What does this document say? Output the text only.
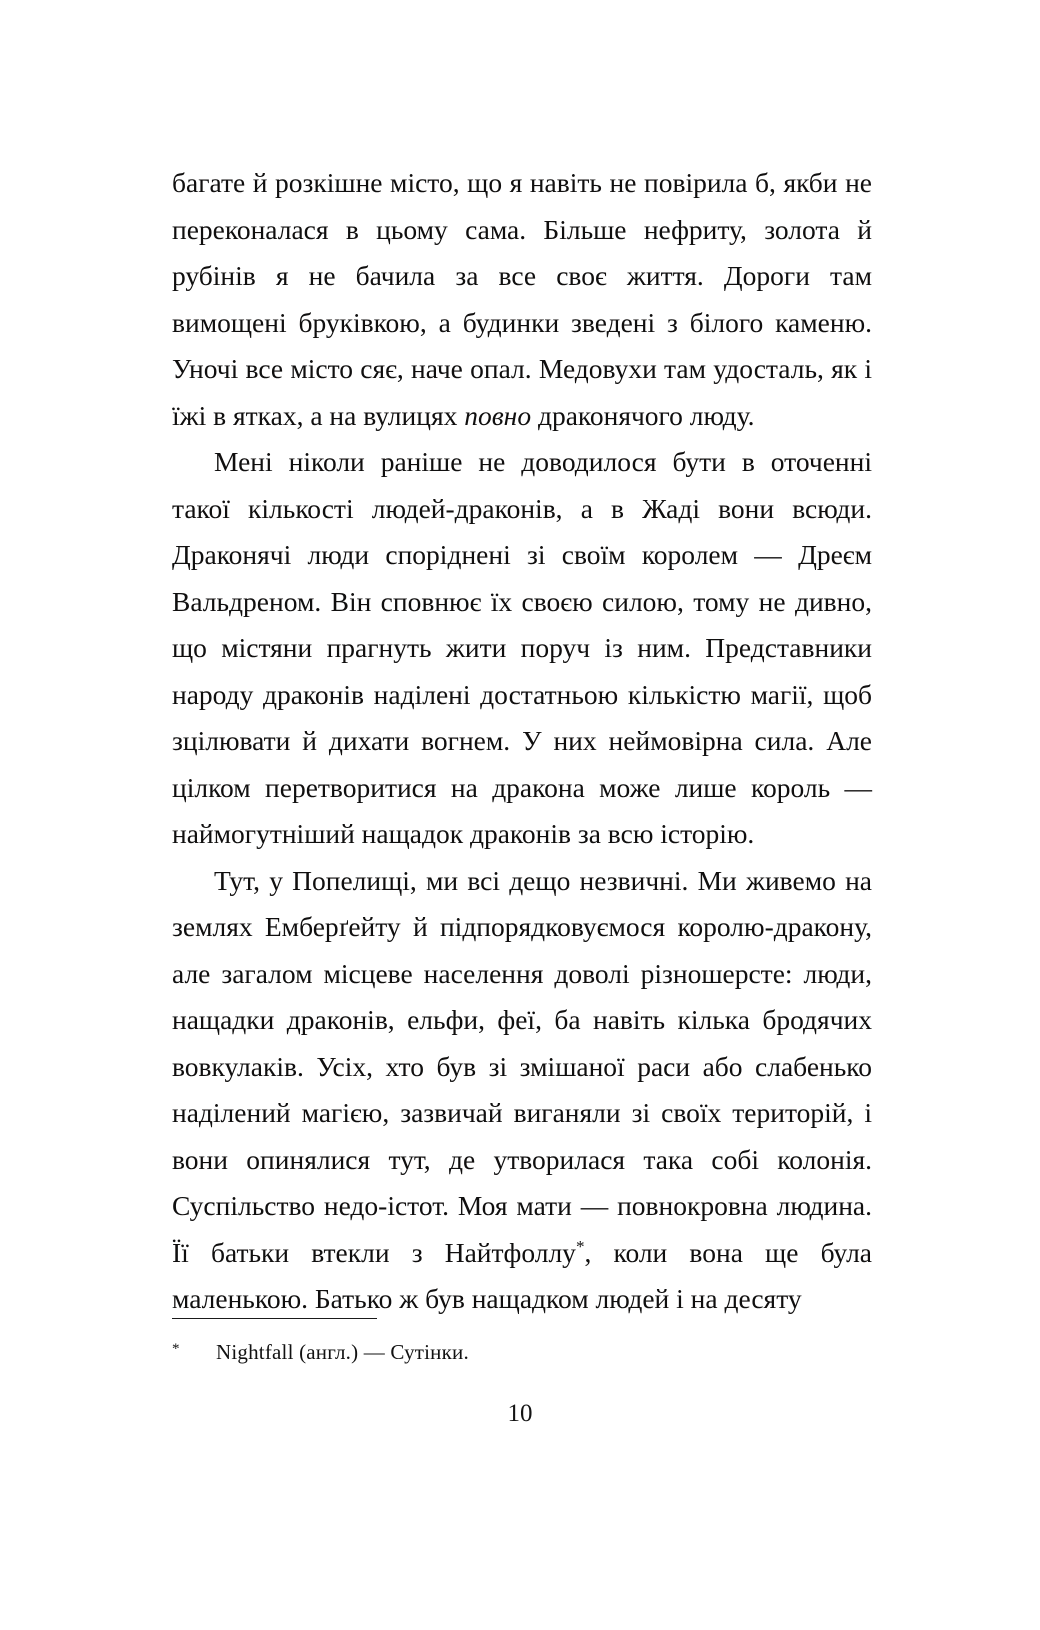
багате й розкішне місто, що я навіть не повірила б, якби не переконалася в цьому сама. Більше нефриту, золота й рубінів я не бачила за все своє життя. Дороги там вимощені бруківкою, а будинки зведені з білого каменю. Уночі все місто сяє, наче опал. Медовухи там удосталь, як і їжі в ятках, а на вулицях повно драконячого люду.

Мені ніколи раніше не доводилося бути в оточенні такої кількості людей-драконів, а в Жаді вони всюди. Драконячі люди споріднені зі своїм королем — Дреєм Вальдреном. Він сповнює їх своєю силою, тому не дивно, що містяни прагнуть жити поруч із ним. Представники народу драконів наділені достатньою кількістю магії, щоб зцілювати й дихати вогнем. У них неймовірна сила. Але цілком перетворитися на дракона може лише король — наймогутніший нащадок драконів за всю історію.

Тут, у Попелищі, ми всі дещо незвичні. Ми живемо на землях Емберґейту й підпорядковуємося королю-дракону, але загалом місцеве населення доволі різношерсте: люди, нащадки драконів, ельфи, феї, ба навіть кілька бродячих вовкулаків. Усіх, хто був зі змішаної раси або слабенько наділений магією, зазвичай виганяли зі своїх територій, і вони опинялися тут, де утворилася така собі колонія. Суспільство недо-істот. Моя мати — повнокровна людина. Її батьки втекли з Найтфоллу*, коли вона ще була маленькою. Батько ж був нащадком людей і на десяту

*	Nightfall (англ.) — Сутінки.
10
